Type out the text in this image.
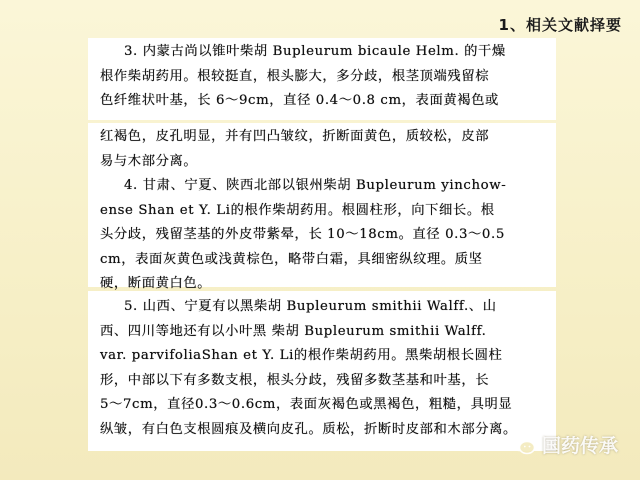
1、相关文献择要

3. 内蒙古尚以锥叶柴胡 Bupleurum bicaule Helm. 的干燥

根作柴胡药用。根较挺直，根头膨大，多分歧，根茎顶端残留棕

色纤维状叶基，长 6～9cm，直径 0.4～0.8 cm，表面黄褐色或

红褐色，皮孔明显，并有凹凸皱纹，折断面黄色，质较松，皮部

易与木部分离。

4. 甘肃、宁夏、陕西北部以银州柴胡 Bupleurum yinchow-

ense Shan et Y. Li的根作柴胡药用。根圆柱形，向下细长。根

头分歧，残留茎基的外皮带紫晕，长 10～18cm。直径 0.3～0.5

cm，表面灰黄色或浅黄棕色，略带白霜，具细密纵纹理。质坚

硬，断面黄白色。

5. 山西、宁夏有以黑柴胡 Bupleurum smithii Walff.、山

西、四川等地还有以小叶黑 柴胡 Bupleurum smithii Walff.

var. parvifoliaShan et Y. Li的根作柴胡药用。黑柴胡根长圆柱

形，中部以下有多数支根，根头分歧，残留多数茎基和叶基，长

5～7cm，直径0.3～0.6cm，表面灰褐色或黑褐色，粗糙，具明显

纵皱，有白色支根圆痕及横向皮孔。质松，折断时皮部和木部分离。

国药传承
